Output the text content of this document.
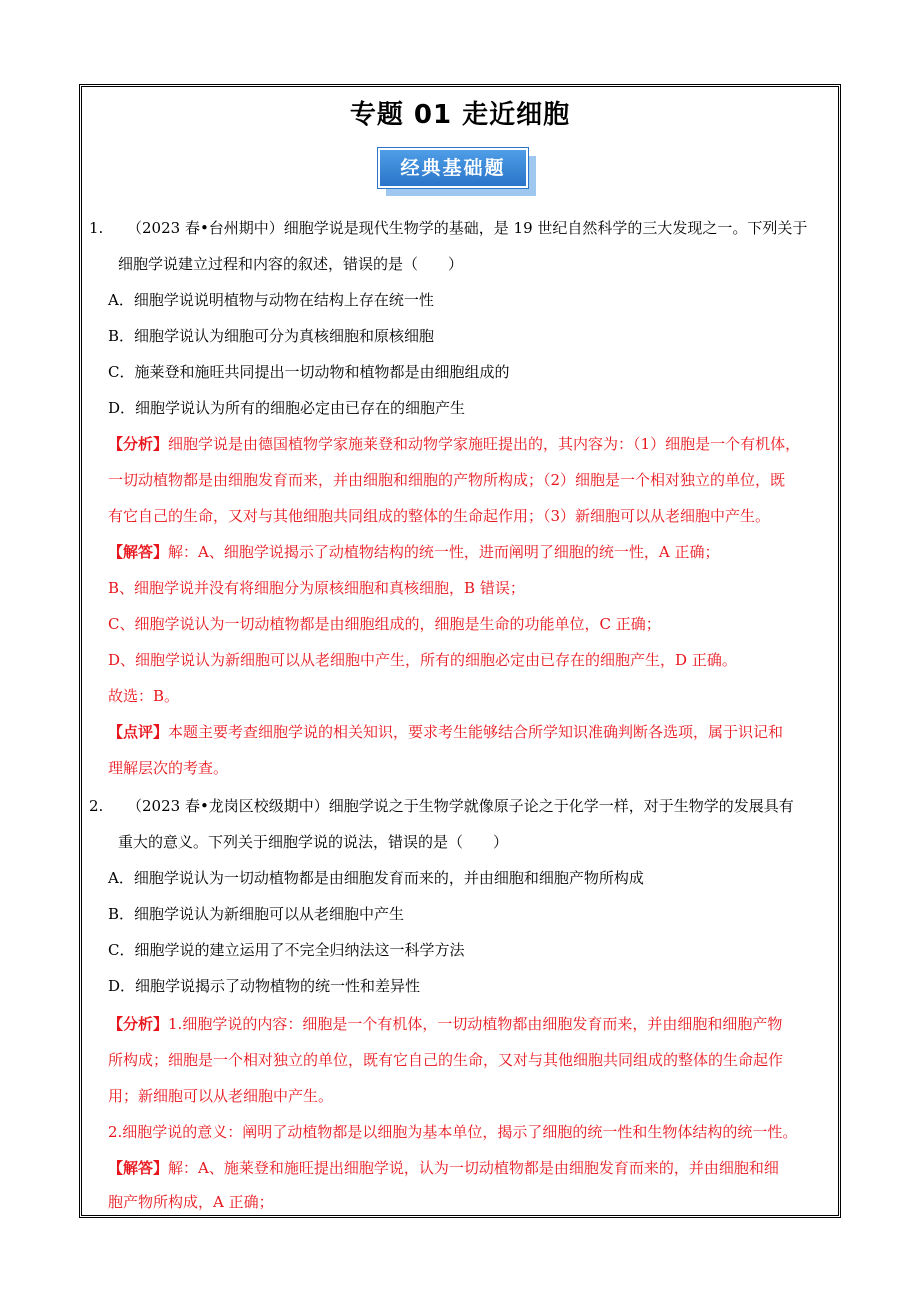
专题 01 走近细胞
经典基础题
1. （2023 春•台州期中）细胞学说是现代生物学的基础，是 19 世纪自然科学的三大发现之一。下列关于
细胞学说建立过程和内容的叙述，错误的是（　　）
A．细胞学说说明植物与动物在结构上存在统一性
B．细胞学说认为细胞可分为真核细胞和原核细胞
C．施莱登和施旺共同提出一切动物和植物都是由细胞组成的
D．细胞学说认为所有的细胞必定由已存在的细胞产生
【分析】细胞学说是由德国植物学家施莱登和动物学家施旺提出的，其内容为：（1）细胞是一个有机体，
一切动植物都是由细胞发育而来，并由细胞和细胞的产物所构成；（2）细胞是一个相对独立的单位，既
有它自己的生命，又对与其他细胞共同组成的整体的生命起作用；（3）新细胞可以从老细胞中产生。
【解答】解：A、细胞学说揭示了动植物结构的统一性，进而阐明了细胞的统一性，A 正确；
B、细胞学说并没有将细胞分为原核细胞和真核细胞，B 错误；
C、细胞学说认为一切动植物都是由细胞组成的，细胞是生命的功能单位，C 正确；
D、细胞学说认为新细胞可以从老细胞中产生，所有的细胞必定由已存在的细胞产生，D 正确。
故选：B。
【点评】本题主要考查细胞学说的相关知识，要求考生能够结合所学知识准确判断各选项，属于识记和
理解层次的考查。
2. （2023 春•龙岗区校级期中）细胞学说之于生物学就像原子论之于化学一样，对于生物学的发展具有
重大的意义。下列关于细胞学说的说法，错误的是（　　）
A．细胞学说认为一切动植物都是由细胞发育而来的，并由细胞和细胞产物所构成
B．细胞学说认为新细胞可以从老细胞中产生
C．细胞学说的建立运用了不完全归纳法这一科学方法
D．细胞学说揭示了动物植物的统一性和差异性
【分析】1.细胞学说的内容：细胞是一个有机体，一切动植物都由细胞发育而来，并由细胞和细胞产物
所构成；细胞是一个相对独立的单位，既有它自己的生命，又对与其他细胞共同组成的整体的生命起作
用；新细胞可以从老细胞中产生。
2.细胞学说的意义：阐明了动植物都是以细胞为基本单位，揭示了细胞的统一性和生物体结构的统一性。
【解答】解：A、施莱登和施旺提出细胞学说，认为一切动植物都是由细胞发育而来的，并由细胞和细
胞产物所构成，A 正确；
